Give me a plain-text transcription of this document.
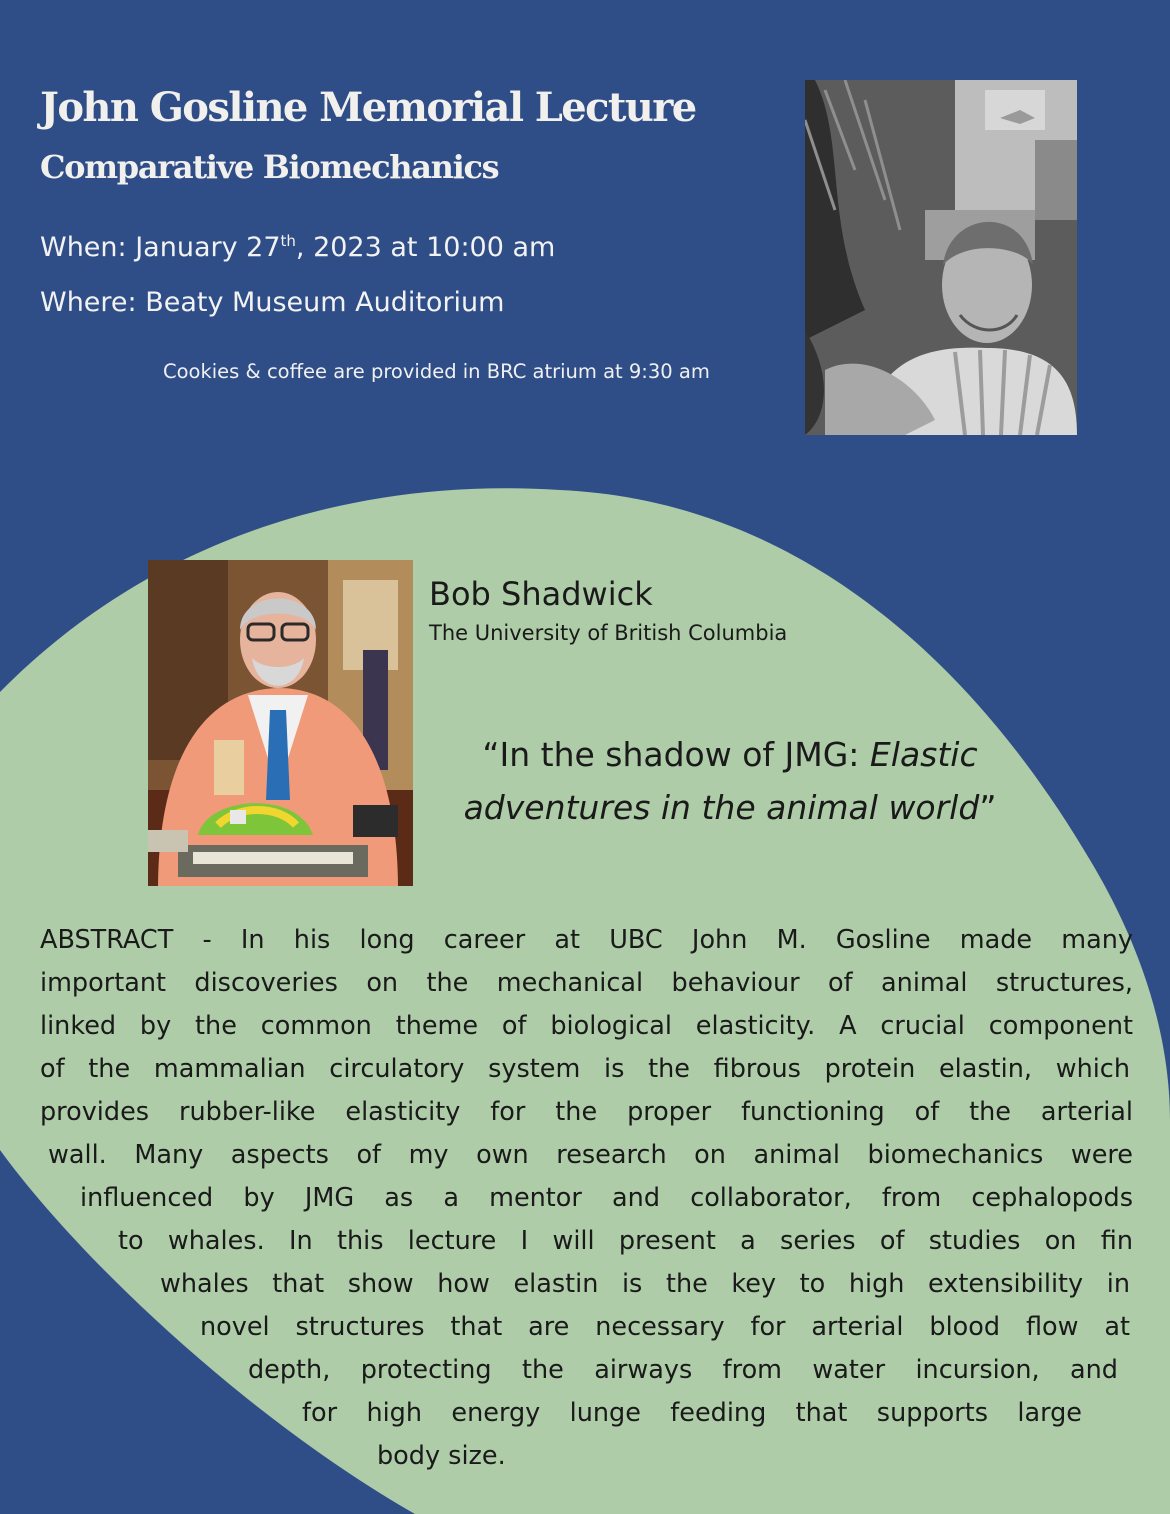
John Gosline Memorial Lecture
Comparative Biomechanics
When: January 27th, 2023 at 10:00 am
Where: Beaty Museum Auditorium
Cookies & coffee are provided in BRC atrium at 9:30 am
Bob Shadwick
The University of British Columbia
“In the shadow of JMG: Elastic adventures in the animal world”
ABSTRACT - In his long career at UBC John M. Gosline made many
important discoveries on the mechanical behaviour of animal structures,
linked by the common theme of biological elasticity. A crucial component
of the mammalian circulatory system is the fibrous protein elastin, which
provides rubber-like elasticity for the proper functioning of the arterial
wall. Many aspects of my own research on animal biomechanics were
influenced by JMG as a mentor and collaborator, from cephalopods
to whales. In this lecture I will present a series of studies on fin
whales that show how elastin is the key to high extensibility in
novel structures that are necessary for arterial blood flow at
depth, protecting the airways from water incursion, and
for high energy lunge feeding that supports large
body size.
